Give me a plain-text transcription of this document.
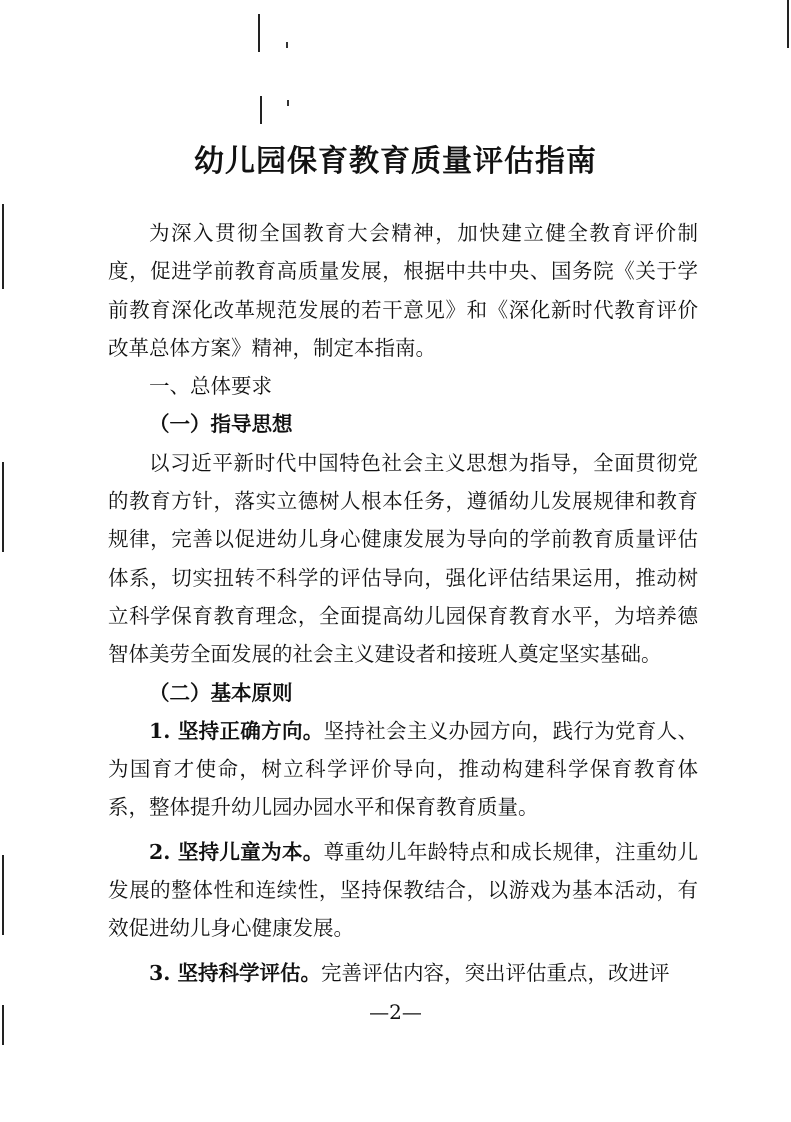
幼儿园保育教育质量评估指南

为深入贯彻全国教育大会精神，加快建立健全教育评价制度，促进学前教育高质量发展，根据中共中央、国务院《关于学前教育深化改革规范发展的若干意见》和《深化新时代教育评价改革总体方案》精神，制定本指南。

一、总体要求

（一）指导思想

以习近平新时代中国特色社会主义思想为指导，全面贯彻党的教育方针，落实立德树人根本任务，遵循幼儿发展规律和教育规律，完善以促进幼儿身心健康发展为导向的学前教育质量评估体系，切实扭转不科学的评估导向，强化评估结果运用，推动树立科学保育教育理念，全面提高幼儿园保育教育水平，为培养德智体美劳全面发展的社会主义建设者和接班人奠定坚实基础。

（二）基本原则

1. 坚持正确方向。坚持社会主义办园方向，践行为党育人、为国育才使命，树立科学评价导向，推动构建科学保育教育体系，整体提升幼儿园办园水平和保育教育质量。

2. 坚持儿童为本。尊重幼儿年龄特点和成长规律，注重幼儿发展的整体性和连续性，坚持保教结合，以游戏为基本活动，有效促进幼儿身心健康发展。

3. 坚持科学评估。完善评估内容，突出评估重点，改进评

—2—
